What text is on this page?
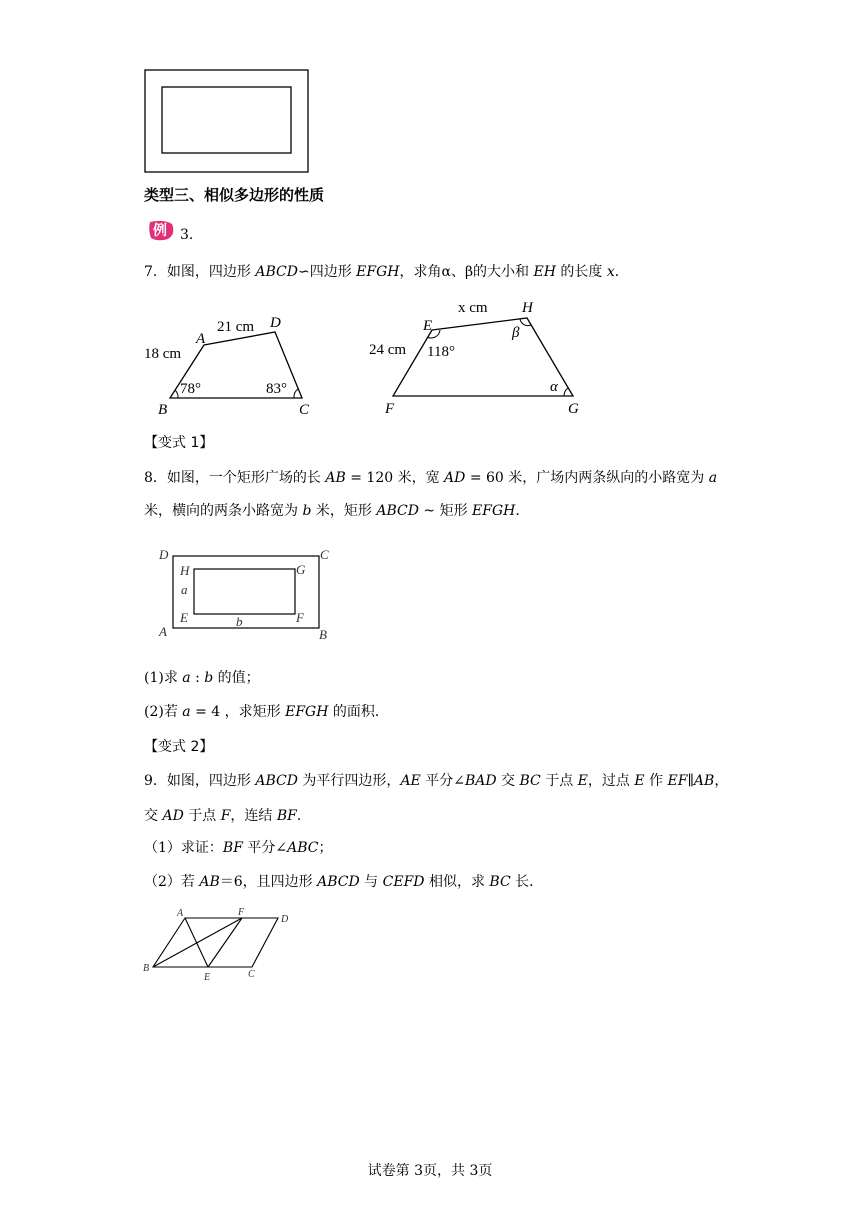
类型三、相似多边形的性质
例 3.
7．如图，四边形 ABCD∽四边形 EFGH，求角α、β的大小和 EH 的长度 x．
A
B	C
D
21 cm
18 cm
78°	83°
E
F	G
H
x cm
24 cm 118°
α
β
【变式 1】
8．如图，一个矩形广场的长 AB = 120 米，宽 AD = 60 米，广场内两条纵向的小路宽为 a
米，横向的两条小路宽为 b 米，矩形 ABCD ~ 矩形 EFGH．
D	C
A	B
H	G
E	F
a
b
(1)求 a : b 的值；
(2)若 a = 4 ，求矩形 EFGH 的面积．
【变式 2】
9．如图，四边形 ABCD 为平行四边形，AE 平分∠BAD 交 BC 于点 E，过点 E 作 EF∥AB，
交 AD 于点 F，连结 BF．
（1）求证：BF 平分∠ABC；
（2）若 AB＝6，且四边形 ABCD 与 CEFD 相似，求 BC 长．
A	F
D
B
E	C
试卷第 3页，共 3页
